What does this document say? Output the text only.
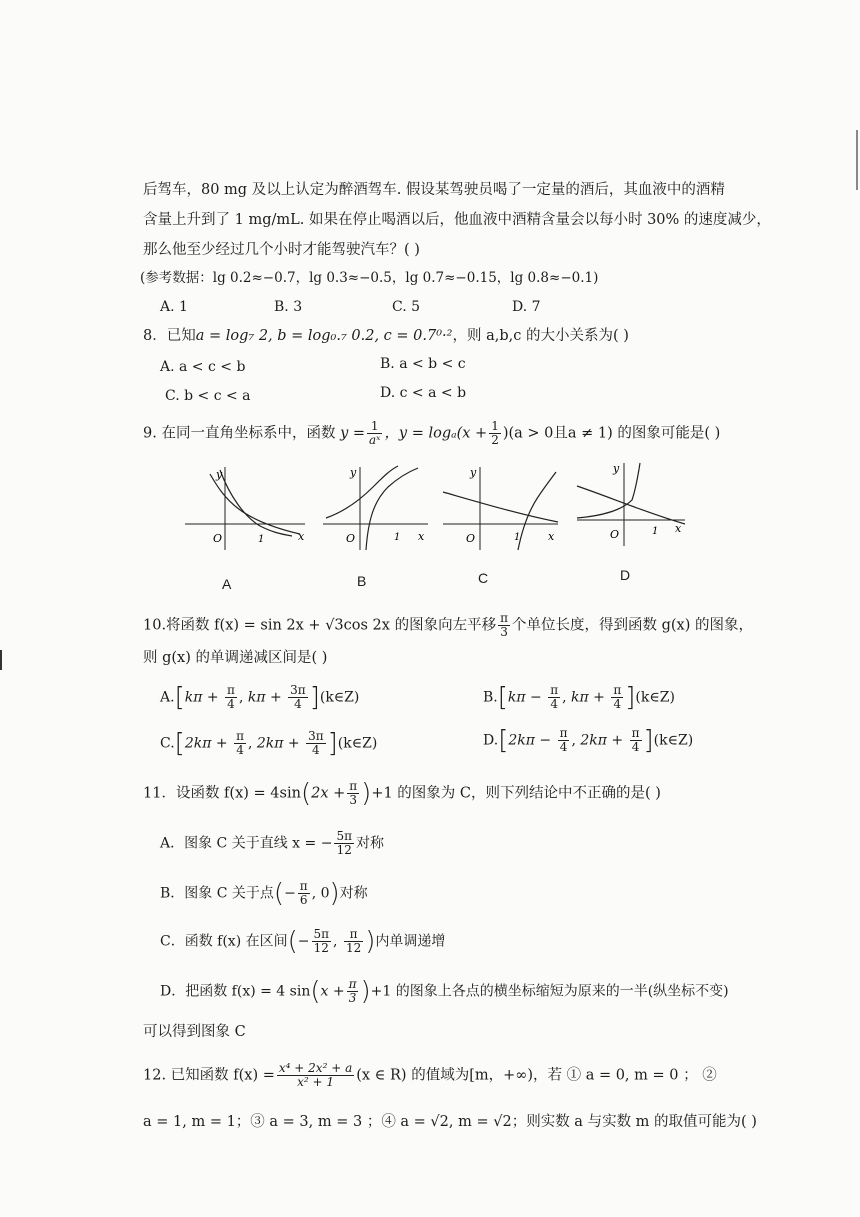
后驾车，80 mg 及以上认定为醉酒驾车. 假设某驾驶员喝了一定量的酒后，其血液中的酒精
含量上升到了 1 mg/mL. 如果在停止喝酒以后，他血液中酒精含量会以每小时 30% 的速度减少，
那么他至少经过几个小时才能驾驶汽车？( )
(参考数据：lg 0.2≈−0.7，lg 0.3≈−0.5，lg 0.7≈−0.15，lg 0.8≈−0.1)
A. 1	B. 3	C. 5	D. 7
8．已知a = log₇ 2, b = log₀.₇ 0.2, c = 0.7⁰·²，则 a,b,c 的大小关系为( )
A. a < c < b	B. a < b < c
C. b < c < a	D. c < a < b
9. 在同一直角坐标系中，函数 $y = \frac{1}{\text{aˣ}}$ ，$y = \log_a(x + \frac{1}{2} )(a > 0$且a ≠ 1) 的图象可能是( )
y
x
O	1
A
y
x
O	1
B
y
x
O	1
C
y
x
O	1
D
10.将函数 f(x) = sin 2x + √3cos 2x 的图象向左平移 $\frac{\pi}{3}$ 个单位长度，得到函数 g(x) 的图象，
则 g(x) 的单调递减区间是( )
$A.[k\pi + \frac{\pi}{4}$ , $k\pi + \frac{3\pi}{4}$ ](k∈Z)	$B.[k\pi - \frac{\pi}{4}$ , $k\pi + \frac{\pi}{4}$ ](k∈Z)
$C.[2k\pi + \frac{\pi}{4}$ , $2k\pi + \frac{3\pi}{4}$ ](k∈Z)	$D.[2k\pi - \frac{\pi}{4}$ , $2k\pi + \frac{\pi}{4}$ ](k∈Z)
11．设函数 $f(x) = 4\sin(2x + \frac{\pi}{3} )+1$ 的图象为 C，则下列结论中不正确的是( )
A．图象 C 关于直线 x = − $\frac{5\pi}{12}$ 对称
B．图象 C 关于点(− $\frac{\pi}{6}$ , 0)对称
C．函数 f(x) 在区间(− $\frac{5\pi}{12}$ , $\frac{\pi}{12}$ )内单调递增
D．把函数 f(x) = 4 $\sin(x + \frac{\pi}{3} )+1$ 的图象上各点的横坐标缩短为原来的一半(纵坐标不变)
可以得到图象 C
12. 已知函数 $f(x) = \frac{\text{x⁴ + 2x² + a}}{\text{x² + 1}} (x$ ∈ R) 的值域为[m，+∞)，若 ① a = 0, m = 0 ； ②
a = 1, m = 1；③ a = 3, m = 3 ；④ a = √2, m = √2；则实数 a 与实数 m 的取值可能为( )
